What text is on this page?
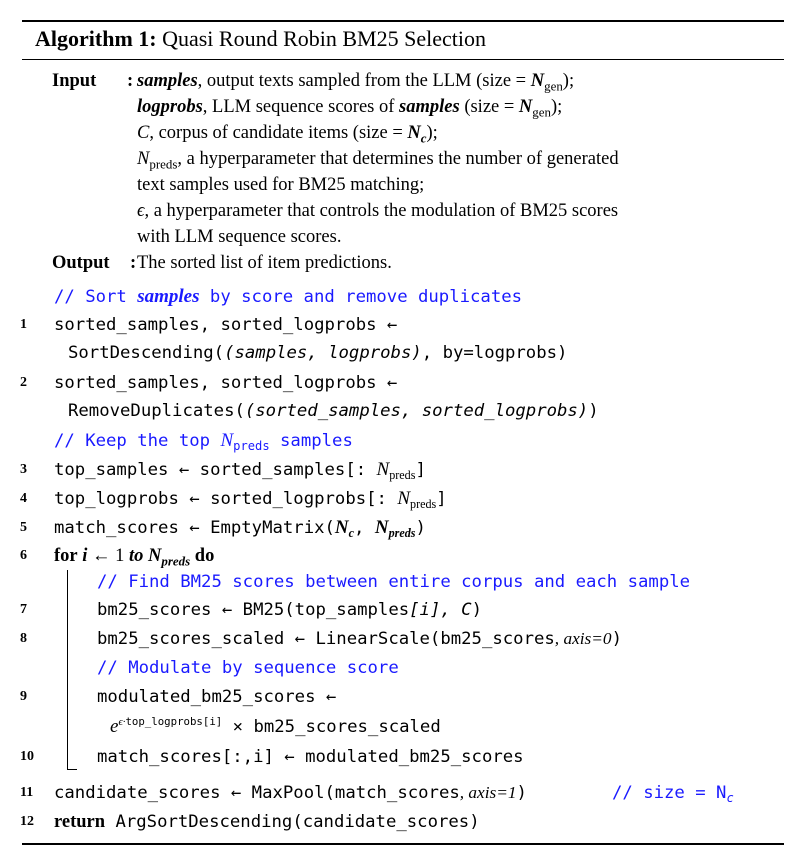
Algorithm 1: Quasi Round Robin BM25 Selection
Input : samples, output texts sampled from the LLM (size = $N_{gen}$);
logprobs, LLM sequence scores of samples (size = $N_{gen}$);
C, corpus of candidate items (size = $N_c$);
$N_{preds}$, a hyperparameter that determines the number of generated
text samples used for BM25 matching;
ϵ, a hyperparameter that controls the modulation of BM25 scores
with LLM sequence scores.
Output : The sorted list of item predictions.
// Sort samples by score and remove duplicates
1	sorted_samples, sorted_logprobs ←
SortDescending((samples, logprobs), by=logprobs)
2	sorted_samples, sorted_logprobs ←
RemoveDuplicates((sorted_samples, sorted_logprobs))
// Keep the top $N_{preds}$ samples
3	top_samples ← sorted_samples[: $N_{preds}$]
4	top_logprobs ← sorted_logprobs[: $N_{preds}$]
5	match_scores ← $EmptyMatrix(N_c$, $N_{preds}$)
6	for i ← 1 to $N_{preds}$ do
// Find BM25 scores between entire corpus and each sample
7	bm25_scores ← BM25(top_samples[i], C)
8	bm25_scores_scaled ← LinearScale(bm25_scores, axis=0)
// Modulate by sequence score
9	modulated_bm25_scores ←
$e^{\epsilon\cdot top\_logprobs[i]}$ × bm25_scores_scaled
10	match_scores[:,i] ← modulated_bm25_scores
11	candidate_scores ← MaxPool(match_scores, axis=1)	// size = $N_c$
12	return ArgSortDescending(candidate_scores)
